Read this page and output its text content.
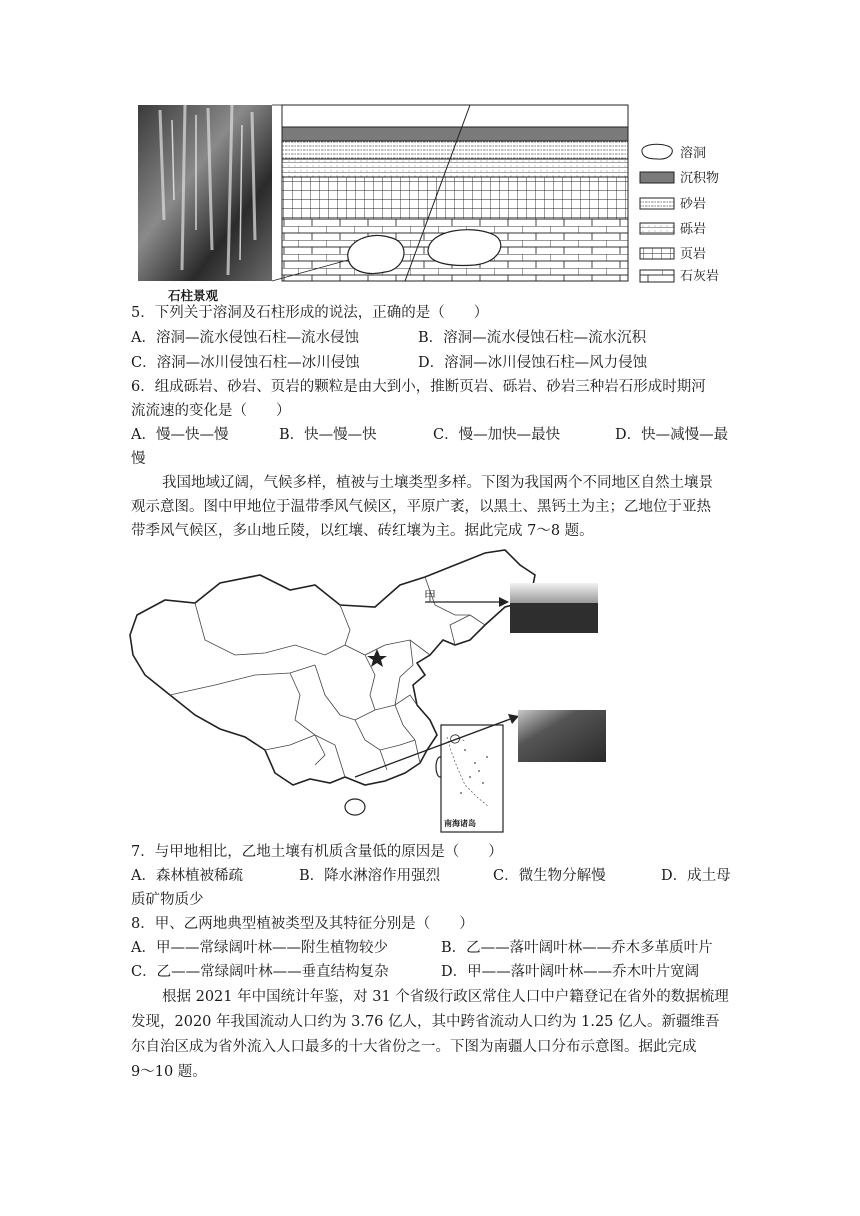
溶洞
沉积物
砂岩
砾岩
页岩
石灰岩
石柱景观
5．下列关于溶洞及石柱形成的说法，正确的是（　　）
A．溶洞—流水侵蚀石柱—流水侵蚀	B．溶洞—流水侵蚀石柱—流水沉积
C．溶洞—冰川侵蚀石柱—冰川侵蚀	D．溶洞—冰川侵蚀石柱—风力侵蚀
6．组成砾岩、砂岩、页岩的颗粒是由大到小，推断页岩、砾岩、砂岩三种岩石形成时期河
流流速的变化是（　　）
A．慢—快—慢	B．快—慢—快	C．慢—加快—最快	D．快—减慢—最
慢
我国地域辽阔，气候多样，植被与土壤类型多样。下图为我国两个不同地区自然土壤景
观示意图。图中甲地位于温带季风气候区，平原广袤，以黑土、黑钙土为主；乙地位于亚热
带季风气候区，多山地丘陵，以红壤、砖红壤为主。据此完成 7～8 题。
甲
南海诸岛
7．与甲地相比，乙地土壤有机质含量低的原因是（　　）
A．森林植被稀疏	B．降水淋溶作用强烈	C．微生物分解慢	D．成土母
质矿物质少
8．甲、乙两地典型植被类型及其特征分别是（　　）
A．甲——常绿阔叶林——附生植物较少	B．乙——落叶阔叶林——乔木多革质叶片
C．乙——常绿阔叶林——垂直结构复杂	D．甲——落叶阔叶林——乔木叶片宽阔
根据 2021 年中国统计年鉴，对 31 个省级行政区常住人口中户籍登记在省外的数据梳理
发现，2020 年我国流动人口约为 3.76 亿人，其中跨省流动人口约为 1.25 亿人。新疆维吾
尔自治区成为省外流入人口最多的十大省份之一。下图为南疆人口分布示意图。据此完成
9～10 题。
